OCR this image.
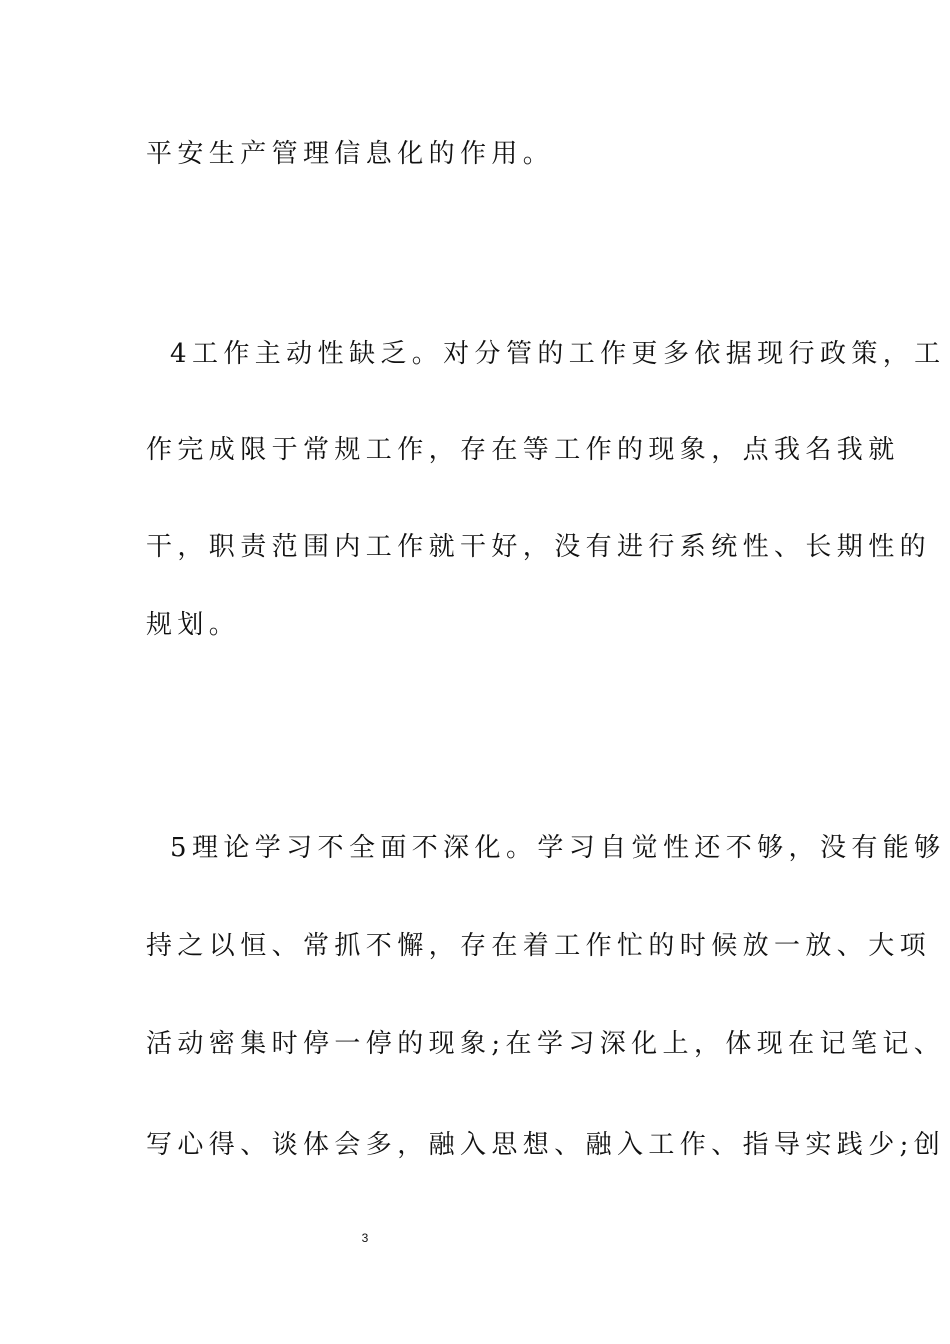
平安生产管理信息化的作用。
4工作主动性缺乏。对分管的工作更多依据现行政策，工
作完成限于常规工作，存在等工作的现象，点我名我就
干，职责范围内工作就干好，没有进行系统性、长期性的
规划。
5理论学习不全面不深化。学习自觉性还不够，没有能够
持之以恒、常抓不懈，存在着工作忙的时候放一放、大项
活动密集时停一停的现象;在学习深化上，体现在记笔记、
写心得、谈体会多，融入思想、融入工作、指导实践少;创
3
